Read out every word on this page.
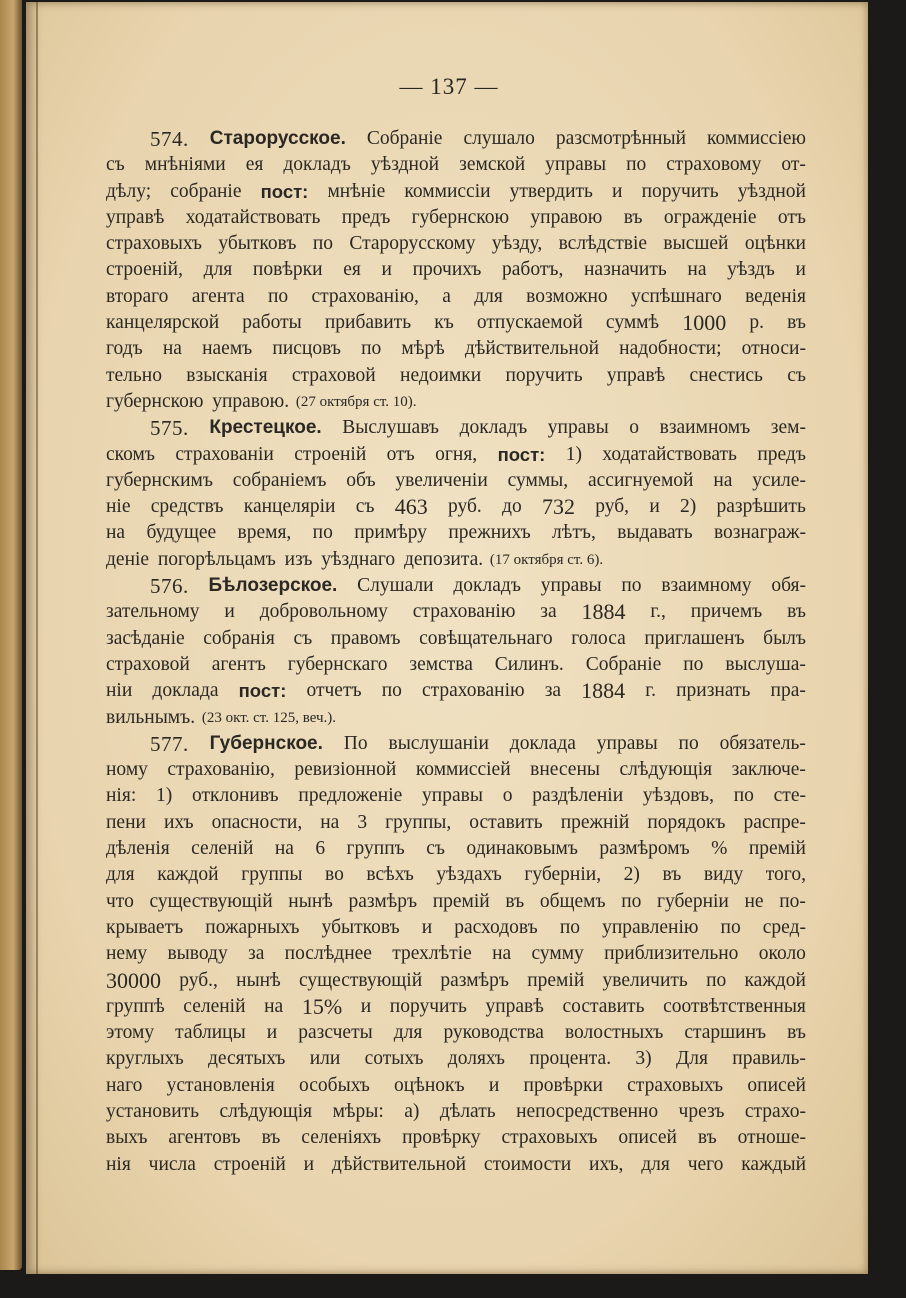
— 137 —
574. Старорусское. Собраніе слушало разсмотрѣнный коммиссiею
съ мнѣніями ея докладъ уѣздной земской управы по страховому от-
дѣлу; собраніе пост: мнѣніе коммиссіи утвердить и поручить уѣздной
управѣ ходатайствовать предъ губернскою управою въ огражденіе отъ
страховыхъ убытковъ по Старорусскому уѣзду, вслѣдствіе высшей оцѣнки
строеній, для повѣрки ея и прочихъ работъ, назначить на уѣздъ и
втораго агента по страхованію, а для возможно успѣшнаго веденія
канцелярской работы прибавить къ отпускаемой суммѣ 1000 р. въ
годъ на наемъ писцовъ по мѣрѣ дѣйствительной надобности; относи-
тельно взысканія страховой недоимки поручить управѣ снестись съ
губернскою управою. (27 октября ст. 10).
575. Крестецкое. Выслушавъ докладъ управы о взаимномъ зем-
скомъ страхованіи строеній отъ огня, пост: 1) ходатайствовать предъ
губернскимъ собраніемъ объ увеличеніи суммы, ассигнуемой на усиле-
ніе средствъ канцеляріи съ 463 руб. до 732 руб, и 2) разрѣшить
на будущее время, по примѣру прежнихъ лѣтъ, выдавать вознаграж-
деніе погорѣльцамъ изъ уѣзднаго депозита. (17 октября ст. 6).
576. Бѣлозерское. Слушали докладъ управы по взаимному обя-
зательному и добровольному страхованію за 1884 г., причемъ въ
засѣданіе собранія съ правомъ совѣщательнаго голоса приглашенъ былъ
страховой агентъ губернскаго земства Силинъ. Собраніе по выслуша-
ніи доклада пост: отчетъ по страхованію за 1884 г. признать пра-
вильнымъ. (23 окт. ст. 125, веч.).
577. Губернское. По выслушаніи доклада управы по обязатель-
ному страхованію, ревизіонной коммиссіей внесены слѣдующія заключе-
нія: 1) отклонивъ предложеніе управы о раздѣленіи уѣздовъ, по сте-
пени ихъ опасности, на 3 группы, оставить прежній порядокъ распре-
дѣленія селеній на 6 группъ съ одинаковымъ размѣромъ % премій
для каждой группы во всѣхъ уѣздахъ губерніи, 2) въ виду того,
что существующій нынѣ размѣръ премій въ общемъ по губерніи не по-
крываетъ пожарныхъ убытковъ и расходовъ по управленію по сред-
нему выводу за послѣднее трехлѣтіе на сумму приблизительно около
30000 руб., нынѣ существующій размѣръ премій увеличить по каждой
группѣ селеній на 15% и поручить управѣ составить соотвѣтственныя
этому таблицы и разсчеты для руководства волостныхъ старшинъ въ
круглыхъ десятыхъ или сотыхъ доляхъ процента. 3) Для правиль-
наго установленія особыхъ оцѣнокъ и провѣрки страховыхъ описей
установить слѣдующія мѣры: а) дѣлать непосредственно чрезъ страхо-
выхъ агентовъ въ селеніяхъ провѣрку страховыхъ описей въ отноше-
нія числа строеній и дѣйствительной стоимости ихъ, для чего каждый
